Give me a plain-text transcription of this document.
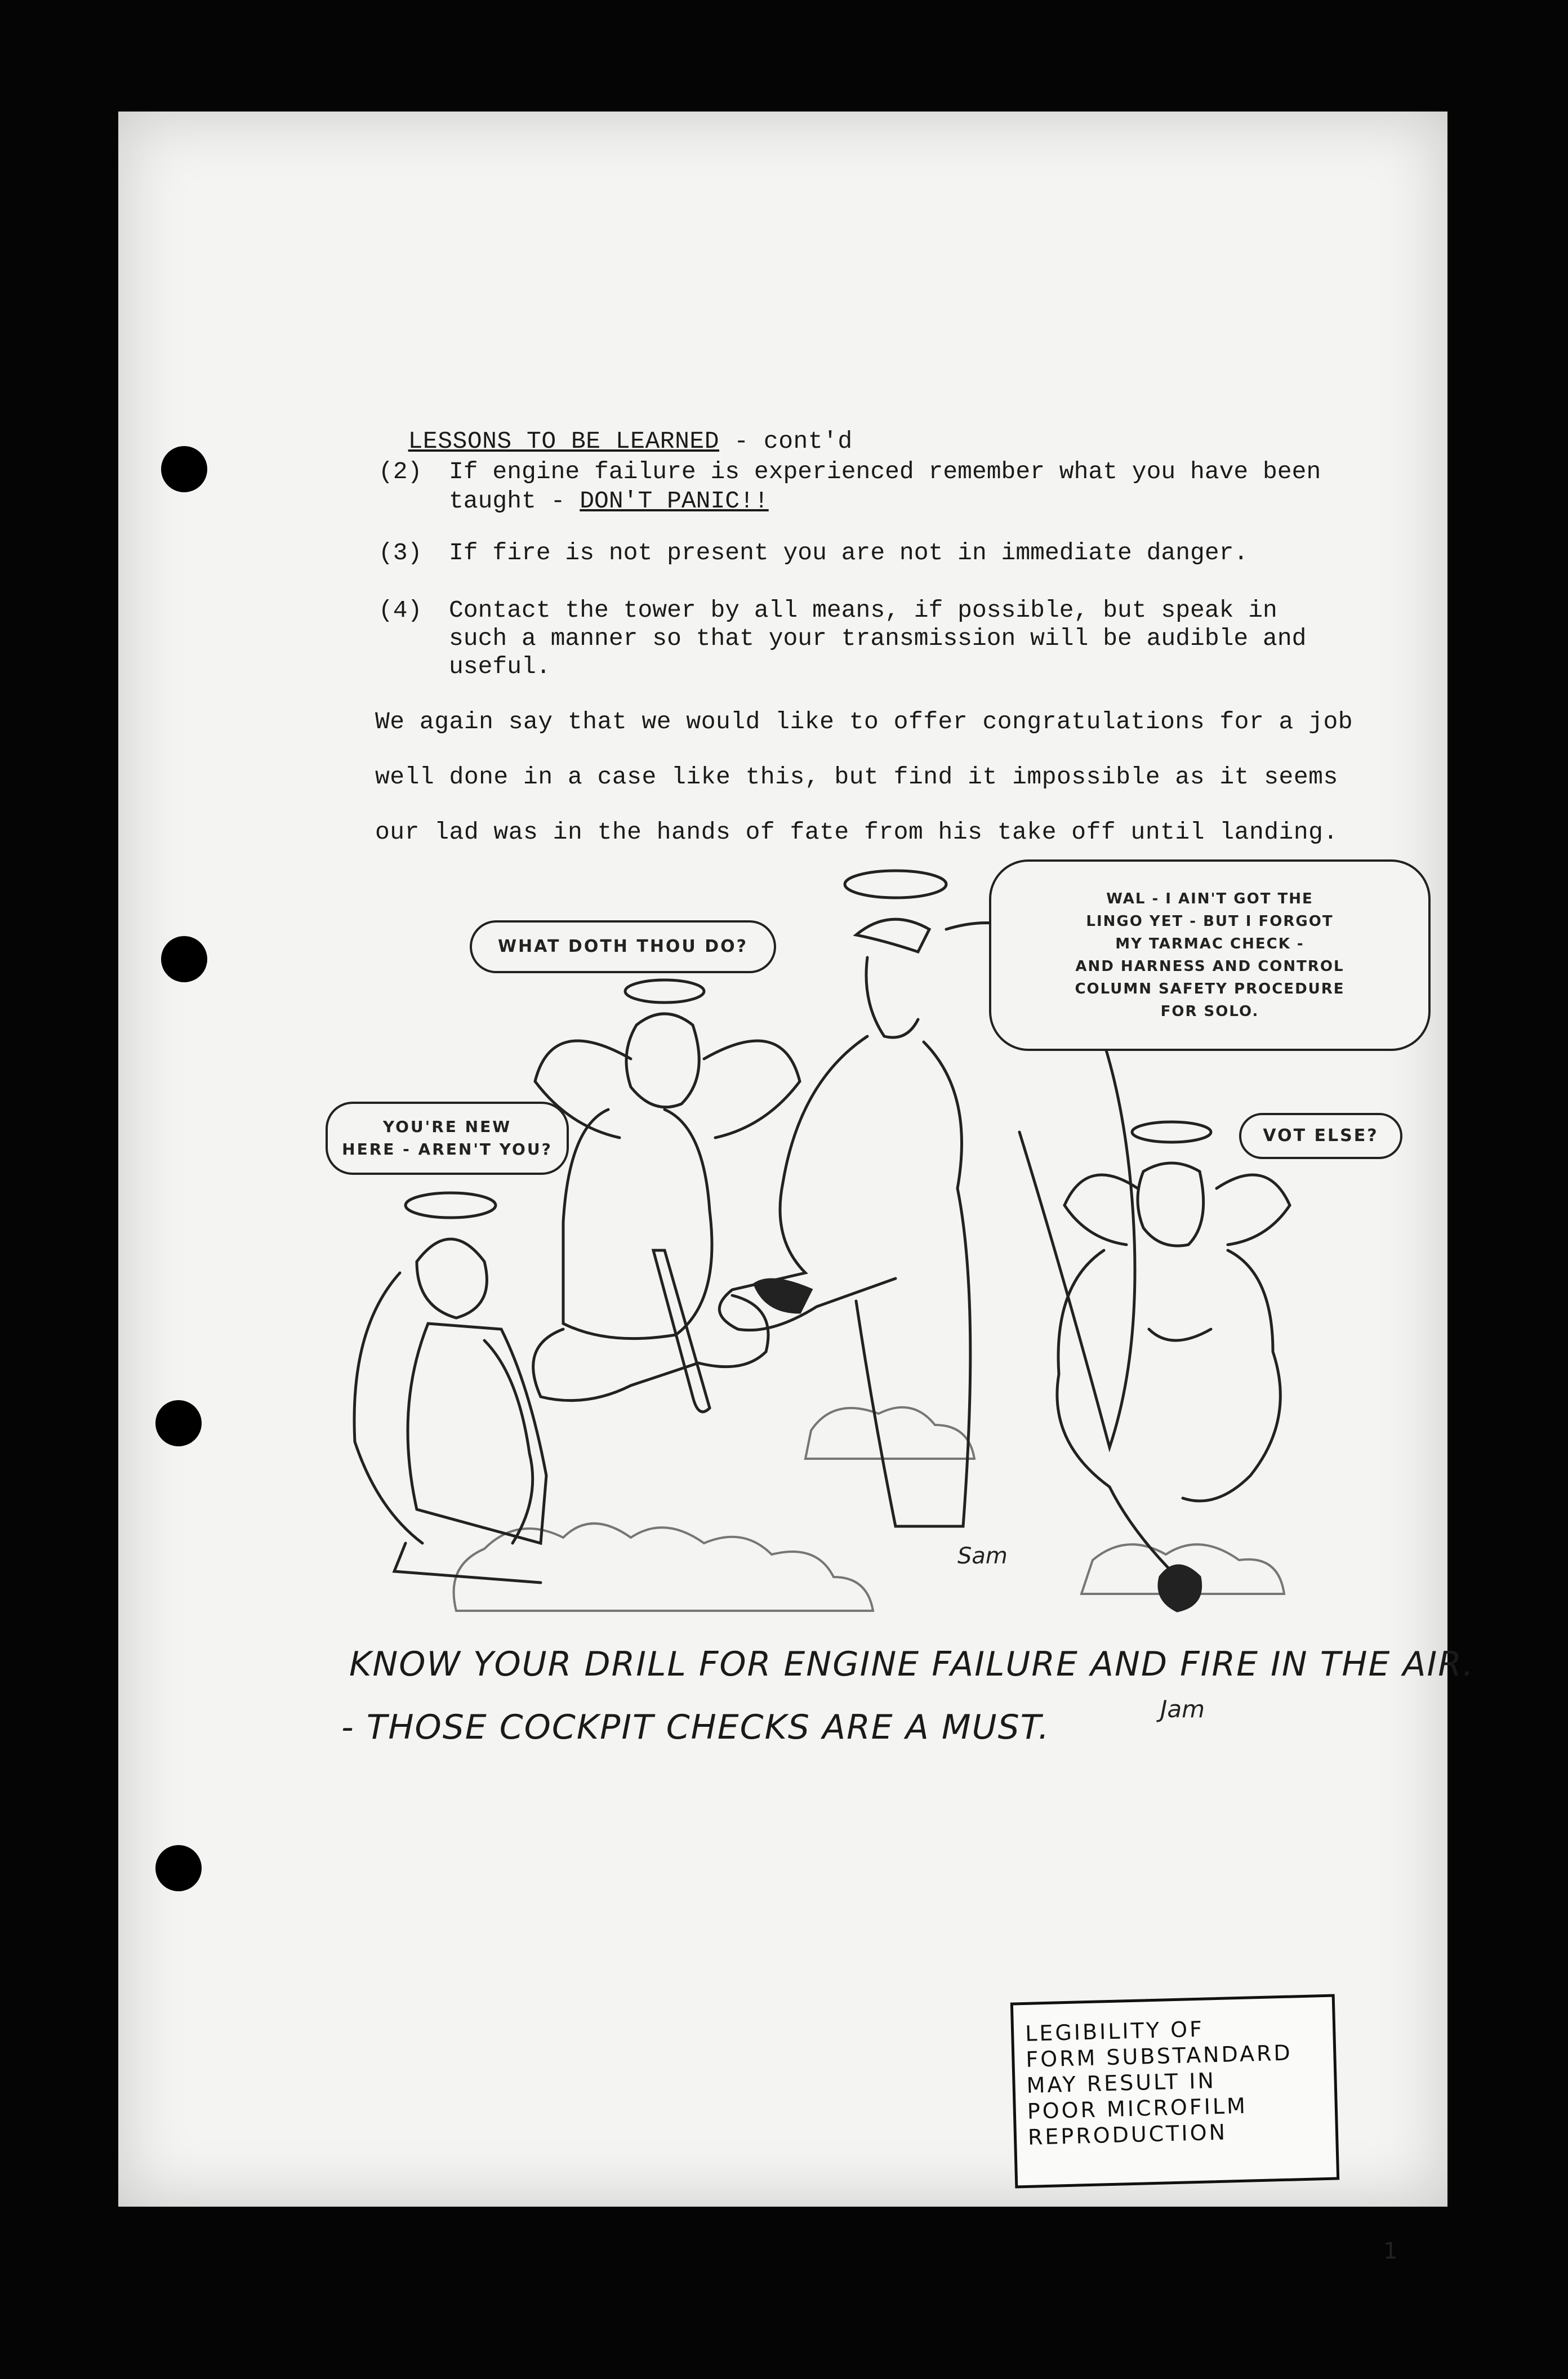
LESSONS TO BE LEARNED - cont'd

(2) If engine failure is experienced remember what you have been
taught - DON'T PANIC!!
(3) If fire is not present you are not in immediate danger.
(4) Contact the tower by all means, if possible, but speak in
such a manner so that your transmission will be audible and
useful.
We again say that we would like to offer congratulations for a job
well done in a case like this, but find it impossible as it seems
our lad was in the hands of fate from his take off until landing.
WHAT DOTH THOU DO?
YOU'RE NEW
HERE - AREN'T YOU?
WAL - I AIN'T GOT THE
LINGO YET - BUT I FORGOT
MY TARMAC CHECK -
AND HARNESS AND CONTROL
COLUMN SAFETY PROCEDURE
FOR SOLO.
VOT ELSE?
Sam
Jam
KNOW YOUR DRILL FOR ENGINE FAILURE AND FIRE IN THE AIR.
- THOSE COCKPIT CHECKS ARE A MUST.
LEGIBILITY OF
FORM SUBSTANDARD
MAY RESULT IN
POOR MICROFILM
REPRODUCTION
1
